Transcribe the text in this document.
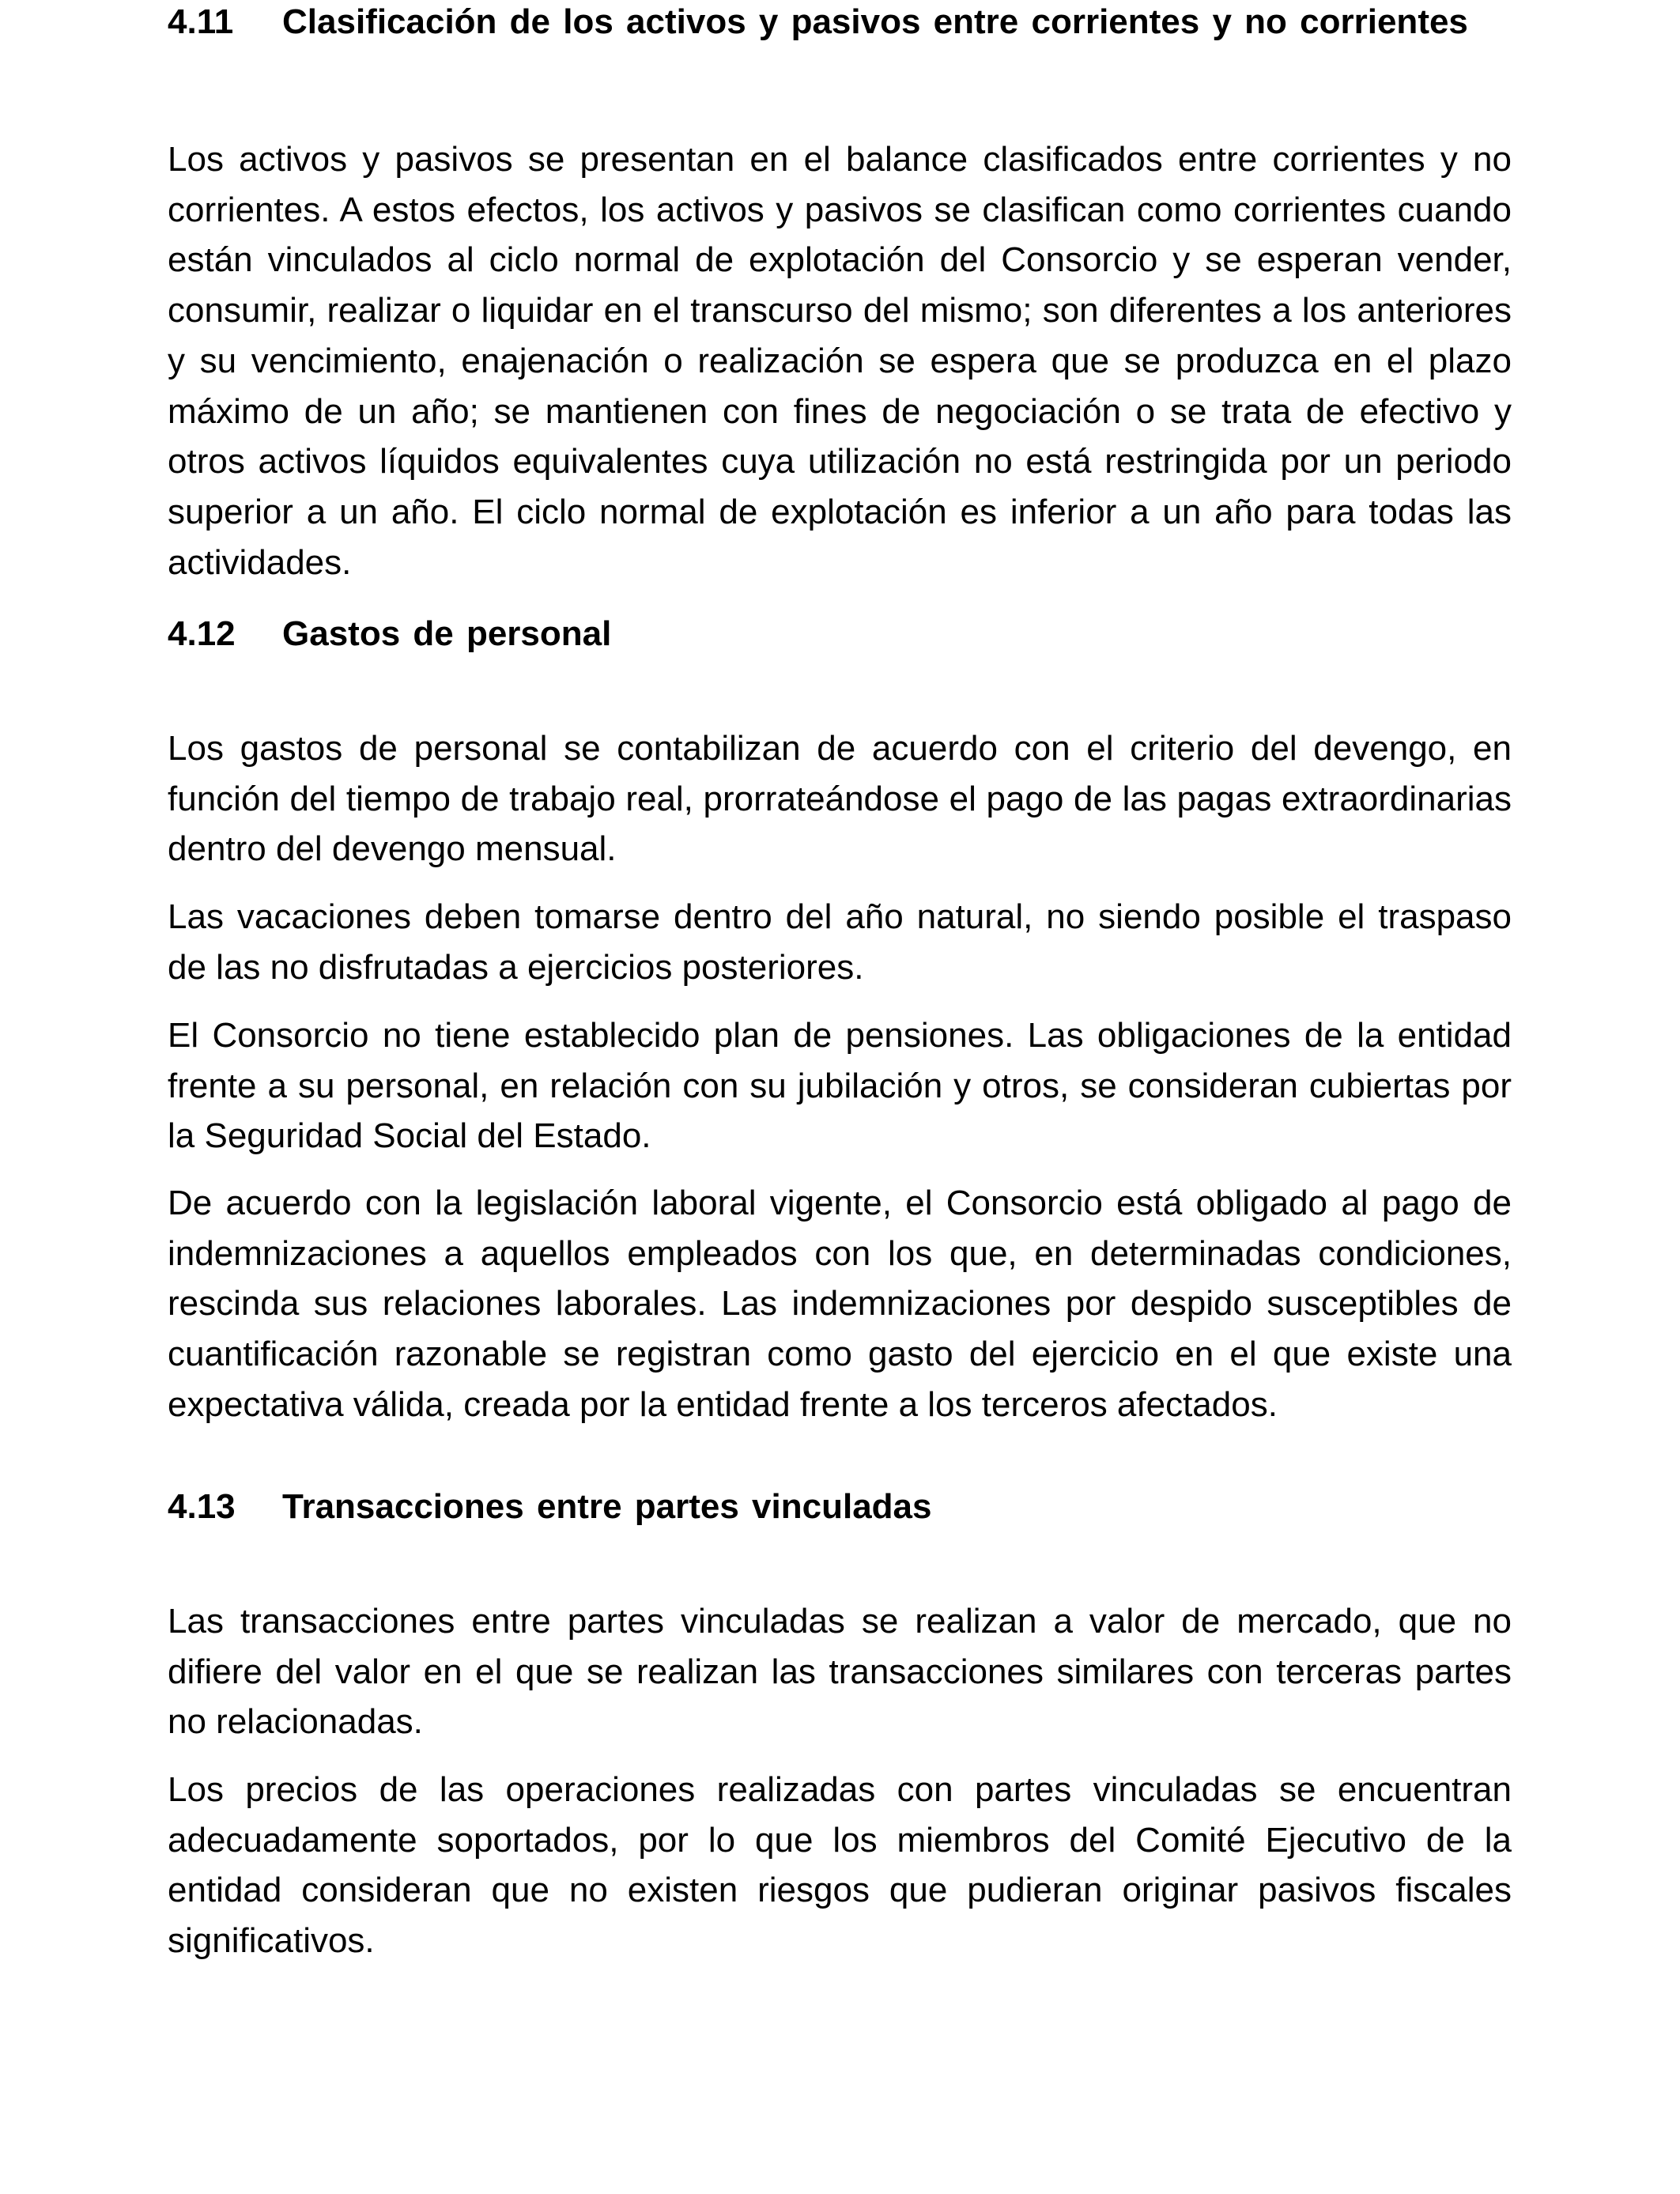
4.11	Clasificación de los activos y pasivos entre corrientes y no corrientes

Los activos y pasivos se presentan en el balance clasificados entre corrientes y no corrientes. A estos efectos, los activos y pasivos se clasifican como corrientes cuando están vinculados al ciclo normal de explotación del Consorcio y se esperan vender, consumir, realizar o liquidar en el transcurso del mismo; son diferentes a los anteriores y su vencimiento, enajenación o realización se espera que se produzca en el plazo máximo de un año; se mantienen con fines de negociación o se trata de efectivo y otros activos líquidos equivalentes cuya utilización no está restringida por un periodo superior a un año. El ciclo normal de explotación es inferior a un año para todas las actividades.

4.12	Gastos de personal

Los gastos de personal se contabilizan de acuerdo con el criterio del devengo, en función del tiempo de trabajo real, prorrateándose el pago de las pagas extraordinarias dentro del devengo mensual.

Las vacaciones deben tomarse dentro del año natural, no siendo posible el traspaso de las no disfrutadas a ejercicios posteriores.

El Consorcio no tiene establecido plan de pensiones. Las obligaciones de la entidad frente a su personal, en relación con su jubilación y otros, se consideran cubiertas por la Seguridad Social del Estado.

De acuerdo con la legislación laboral vigente, el Consorcio está obligado al pago de indemnizaciones a aquellos empleados con los que, en determinadas condiciones, rescinda sus relaciones laborales. Las indemnizaciones por despido susceptibles de cuantificación razonable se registran como gasto del ejercicio en el que existe una expectativa válida, creada por la entidad frente a los terceros afectados.

4.13	Transacciones entre partes vinculadas

Las transacciones entre partes vinculadas se realizan a valor de mercado, que no difiere del valor en el que se realizan las transacciones similares con terceras partes no relacionadas.

Los precios de las operaciones realizadas con partes vinculadas se encuentran adecuadamente soportados, por lo que los miembros del Comité Ejecutivo de la entidad consideran que no existen riesgos que pudieran originar pasivos fiscales significativos.
